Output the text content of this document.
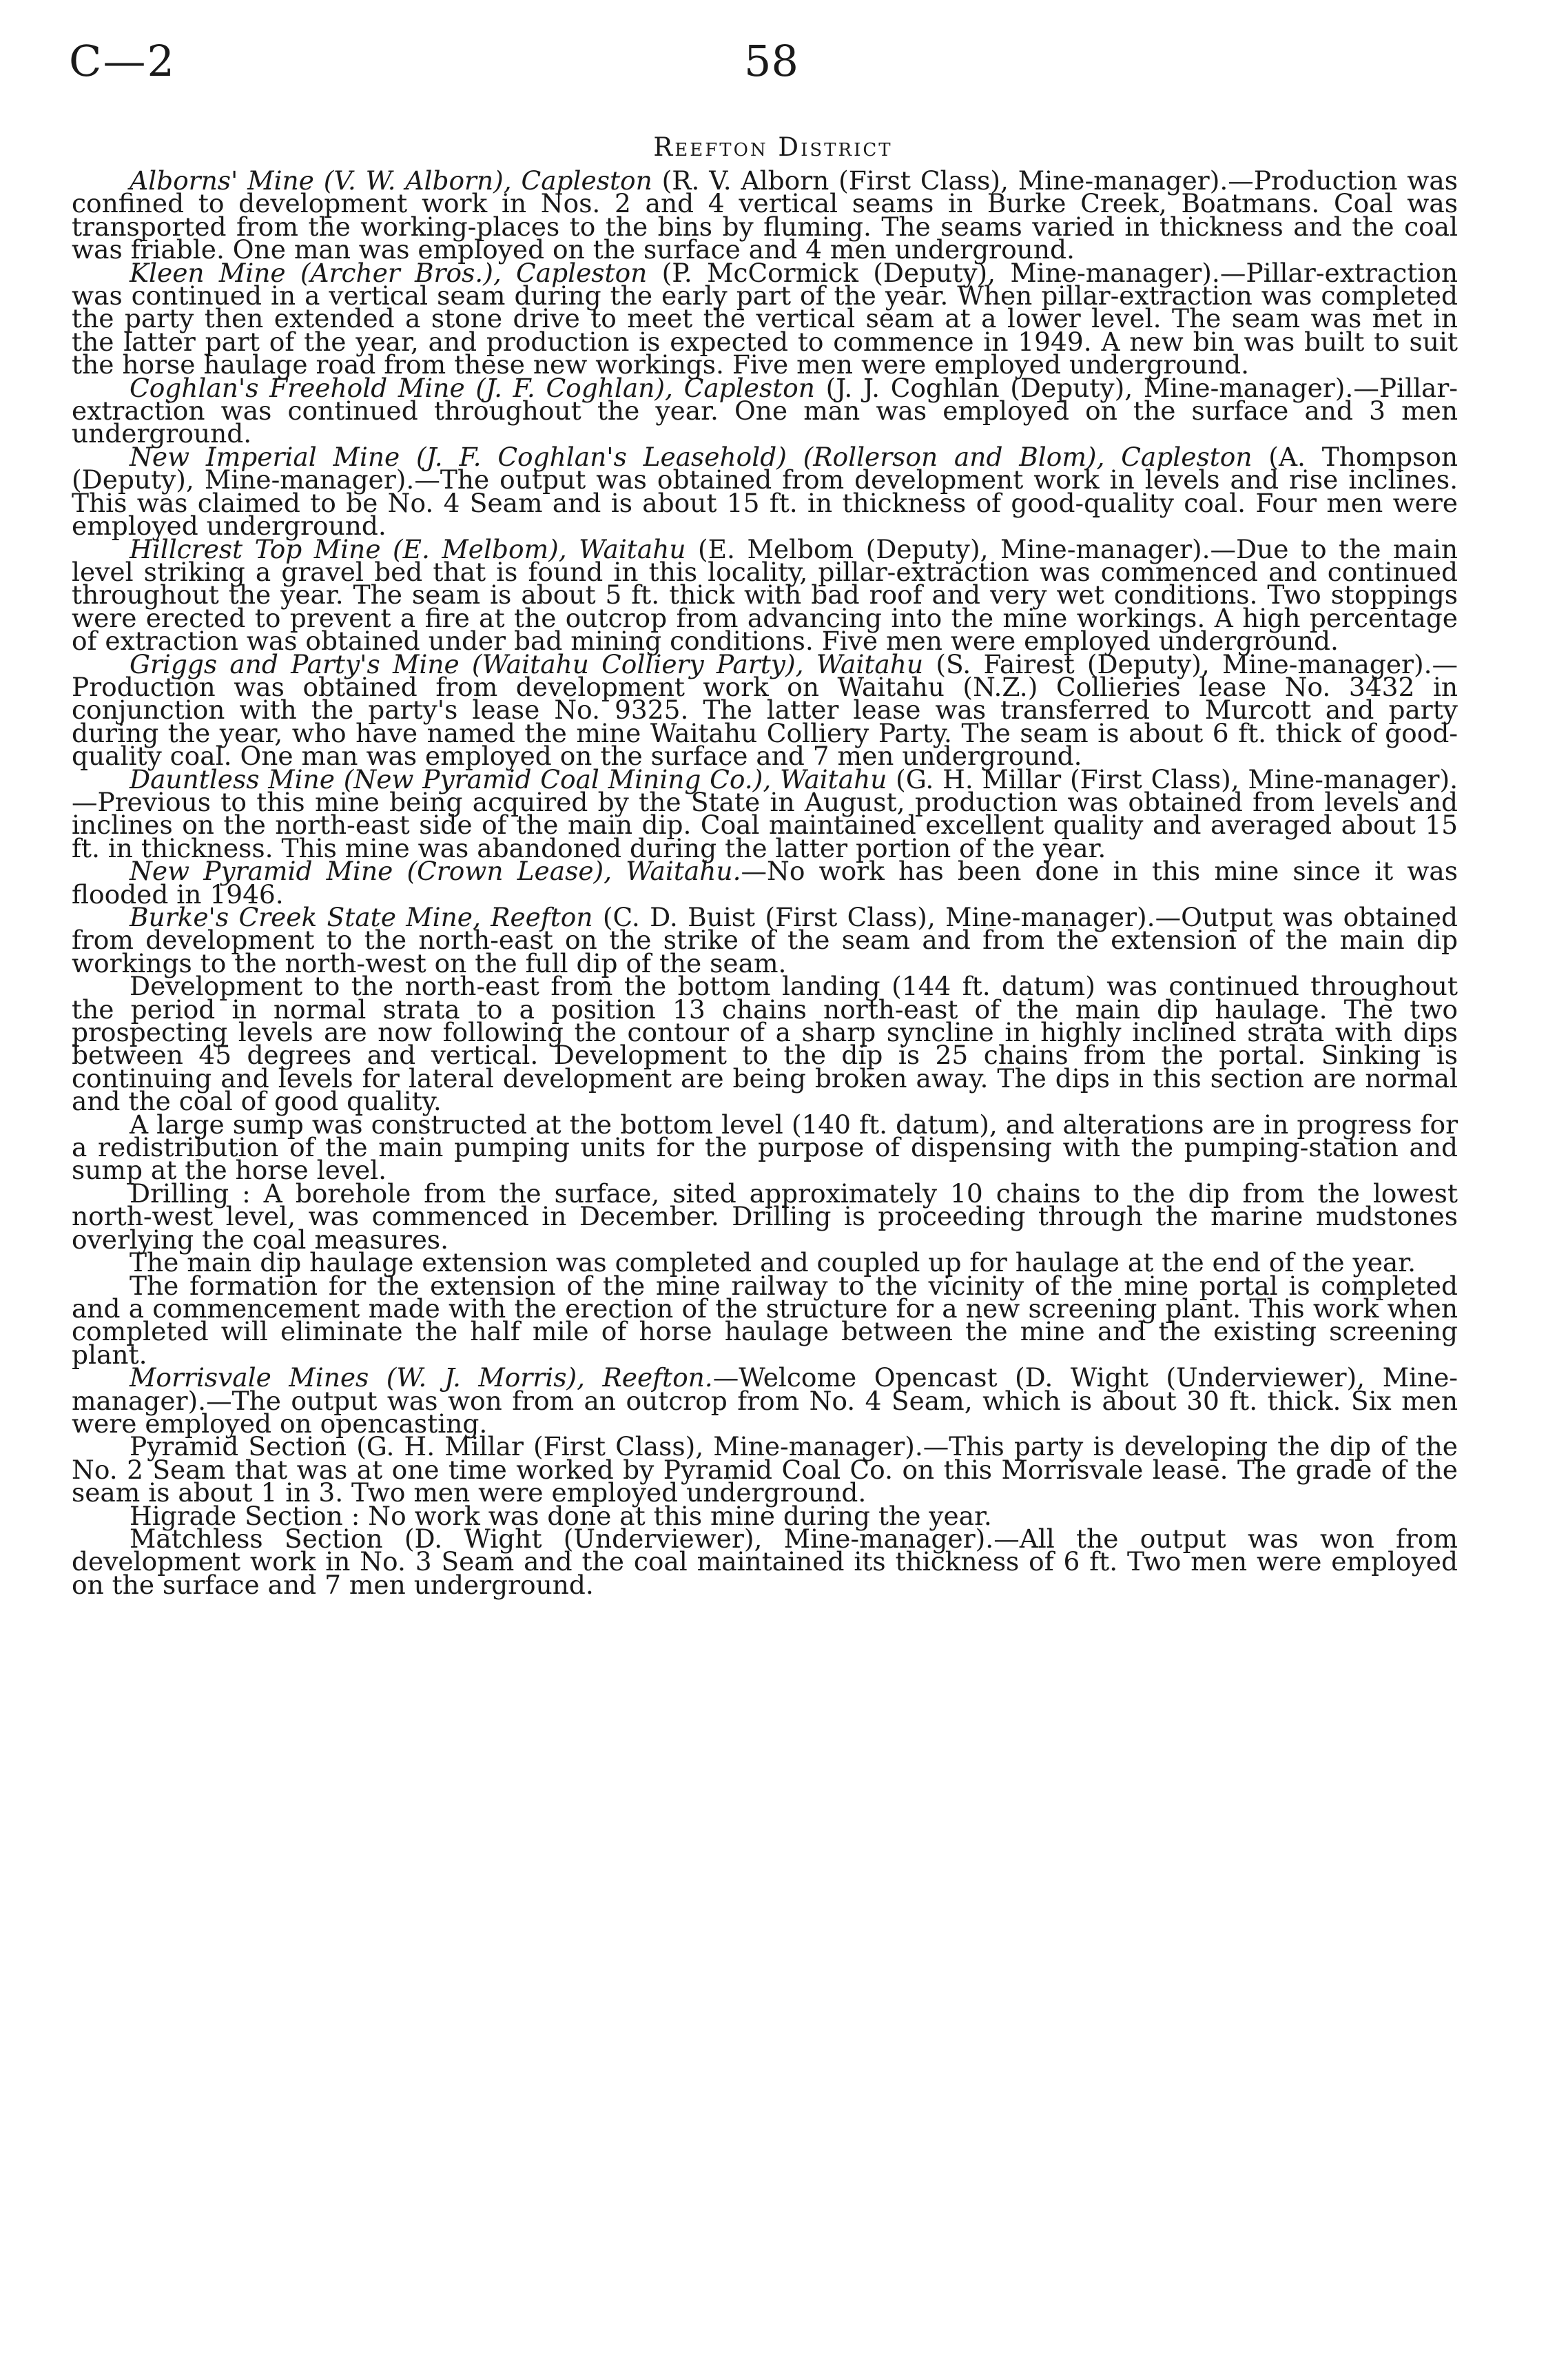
C—2	58
Reefton District

Alborns' Mine (V. W. Alborn), Capleston (R. V. Alborn (First Class), Mine-manager).—Production was confined to development work in Nos. 2 and 4 vertical seams in Burke Creek, Boatmans. Coal was transported from the working-places to the bins by fluming. The seams varied in thickness and the coal was friable. One man was employed on the surface and 4 men underground.

Kleen Mine (Archer Bros.), Capleston (P. McCormick (Deputy), Mine-manager).—Pillar-extraction was continued in a vertical seam during the early part of the year. When pillar-extraction was completed the party then extended a stone drive to meet the vertical seam at a lower level. The seam was met in the latter part of the year, and production is expected to commence in 1949. A new bin was built to suit the horse haulage road from these new workings. Five men were employed underground.

Coghlan's Freehold Mine (J. F. Coghlan), Capleston (J. J. Coghlan (Deputy), Mine-manager).—Pillar-extraction was continued throughout the year. One man was employed on the surface and 3 men underground.

New Imperial Mine (J. F. Coghlan's Leasehold) (Rollerson and Blom), Capleston (A. Thompson (Deputy), Mine-manager).—The output was obtained from development work in levels and rise inclines. This was claimed to be No. 4 Seam and is about 15 ft. in thickness of good-quality coal. Four men were employed underground.

Hillcrest Top Mine (E. Melbom), Waitahu (E. Melbom (Deputy), Mine-manager).—Due to the main level striking a gravel bed that is found in this locality, pillar-extraction was commenced and continued throughout the year. The seam is about 5 ft. thick with bad roof and very wet conditions. Two stoppings were erected to prevent a fire at the outcrop from advancing into the mine workings. A high percentage of extraction was obtained under bad mining conditions. Five men were employed underground.

Griggs and Party's Mine (Waitahu Colliery Party), Waitahu (S. Fairest (Deputy), Mine-manager).—Production was obtained from development work on Waitahu (N.Z.) Collieries lease No. 3432 in conjunction with the party's lease No. 9325. The latter lease was transferred to Murcott and party during the year, who have named the mine Waitahu Colliery Party. The seam is about 6 ft. thick of good-quality coal. One man was employed on the surface and 7 men underground.

Dauntless Mine (New Pyramid Coal Mining Co.), Waitahu (G. H. Millar (First Class), Mine-manager).—Previous to this mine being acquired by the State in August, production was obtained from levels and inclines on the north-east side of the main dip. Coal maintained excellent quality and averaged about 15 ft. in thickness. This mine was abandoned during the latter portion of the year.

New Pyramid Mine (Crown Lease), Waitahu.—No work has been done in this mine since it was flooded in 1946.

Burke's Creek State Mine, Reefton (C. D. Buist (First Class), Mine-manager).—Output was obtained from development to the north-east on the strike of the seam and from the extension of the main dip workings to the north-west on the full dip of the seam.

Development to the north-east from the bottom landing (144 ft. datum) was continued throughout the period in normal strata to a position 13 chains north-east of the main dip haulage. The two prospecting levels are now following the contour of a sharp syncline in highly inclined strata with dips between 45 degrees and vertical. Development to the dip is 25 chains from the portal. Sinking is continuing and levels for lateral development are being broken away. The dips in this section are normal and the coal of good quality.

A large sump was constructed at the bottom level (140 ft. datum), and alterations are in progress for a redistribution of the main pumping units for the purpose of dispensing with the pumping-station and sump at the horse level.

Drilling : A borehole from the surface, sited approximately 10 chains to the dip from the lowest north-west level, was commenced in December. Drilling is proceeding through the marine mudstones overlying the coal measures.

The main dip haulage extension was completed and coupled up for haulage at the end of the year.

The formation for the extension of the mine railway to the vicinity of the mine portal is completed and a commencement made with the erection of the structure for a new screening plant. This work when completed will eliminate the half mile of horse haulage between the mine and the existing screening plant.

Morrisvale Mines (W. J. Morris), Reefton.—Welcome Opencast (D. Wight (Underviewer), Mine-manager).—The output was won from an outcrop from No. 4 Seam, which is about 30 ft. thick. Six men were employed on opencasting.

Pyramid Section (G. H. Millar (First Class), Mine-manager).—This party is developing the dip of the No. 2 Seam that was at one time worked by Pyramid Coal Co. on this Morrisvale lease. The grade of the seam is about 1 in 3. Two men were employed underground.

Higrade Section : No work was done at this mine during the year.

Matchless Section (D. Wight (Underviewer), Mine-manager).—All the output was won from development work in No. 3 Seam and the coal maintained its thickness of 6 ft. Two men were employed on the surface and 7 men underground.
